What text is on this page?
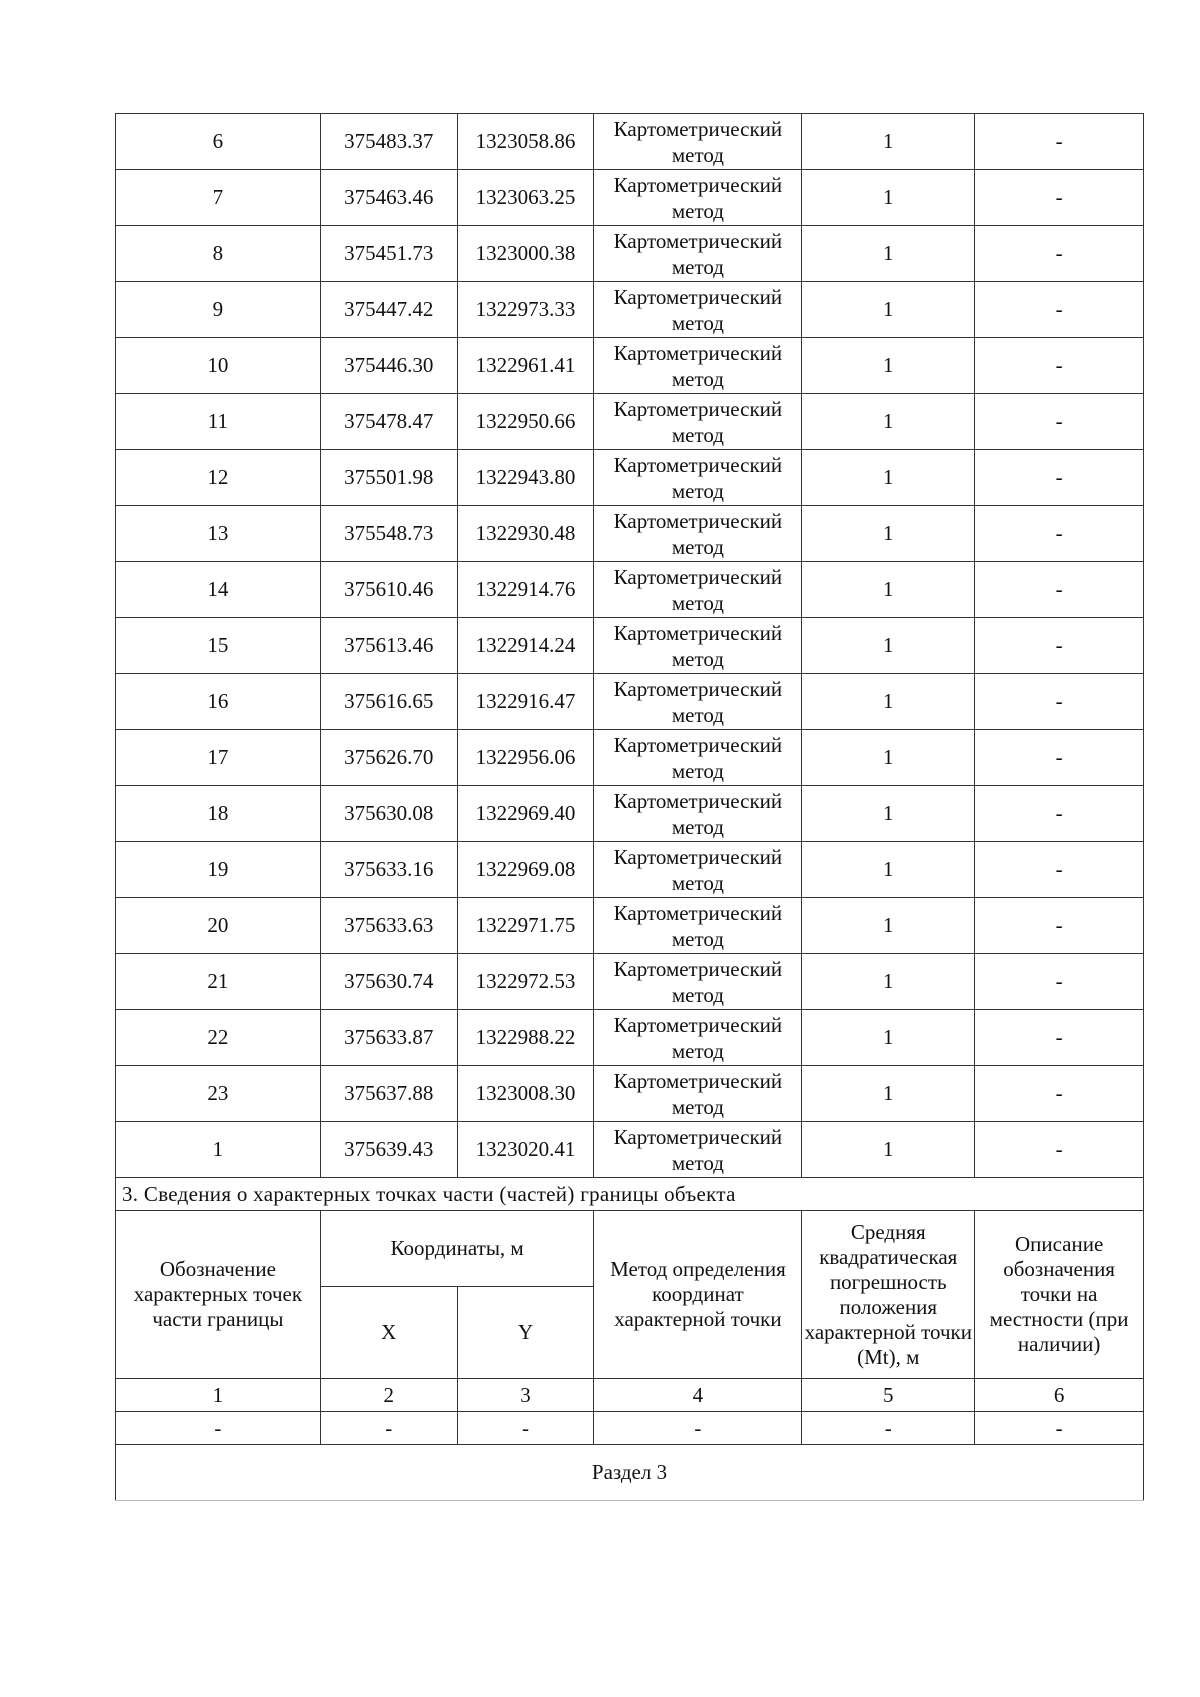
6	375483.37	1323058.86	Картометрический метод	1	-
7	375463.46	1323063.25	Картометрический метод	1	-
8	375451.73	1323000.38	Картометрический метод	1	-
9	375447.42	1322973.33	Картометрический метод	1	-
10	375446.30	1322961.41	Картометрический метод	1	-
11	375478.47	1322950.66	Картометрический метод	1	-
12	375501.98	1322943.80	Картометрический метод	1	-
13	375548.73	1322930.48	Картометрический метод	1	-
14	375610.46	1322914.76	Картометрический метод	1	-
15	375613.46	1322914.24	Картометрический метод	1	-
16	375616.65	1322916.47	Картометрический метод	1	-
17	375626.70	1322956.06	Картометрический метод	1	-
18	375630.08	1322969.40	Картометрический метод	1	-
19	375633.16	1322969.08	Картометрический метод	1	-
20	375633.63	1322971.75	Картометрический метод	1	-
21	375630.74	1322972.53	Картометрический метод	1	-
22	375633.87	1322988.22	Картометрический метод	1	-
23	375637.88	1323008.30	Картометрический метод	1	-
1	375639.43	1323020.41	Картометрический метод	1	-
3. Сведения о характерных точках части (частей) границы объекта					
Обозначение характерных точек части границы	Координаты, м		Метод определения координат характерной точки	Средняя квадратическая погрешность положения характерной точки (Mt), м	Описание обозначения точки на местности (при наличии)
	X	Y			
1	2	3	4	5	6
-	-	-	-	-	-
Раздел 3					
